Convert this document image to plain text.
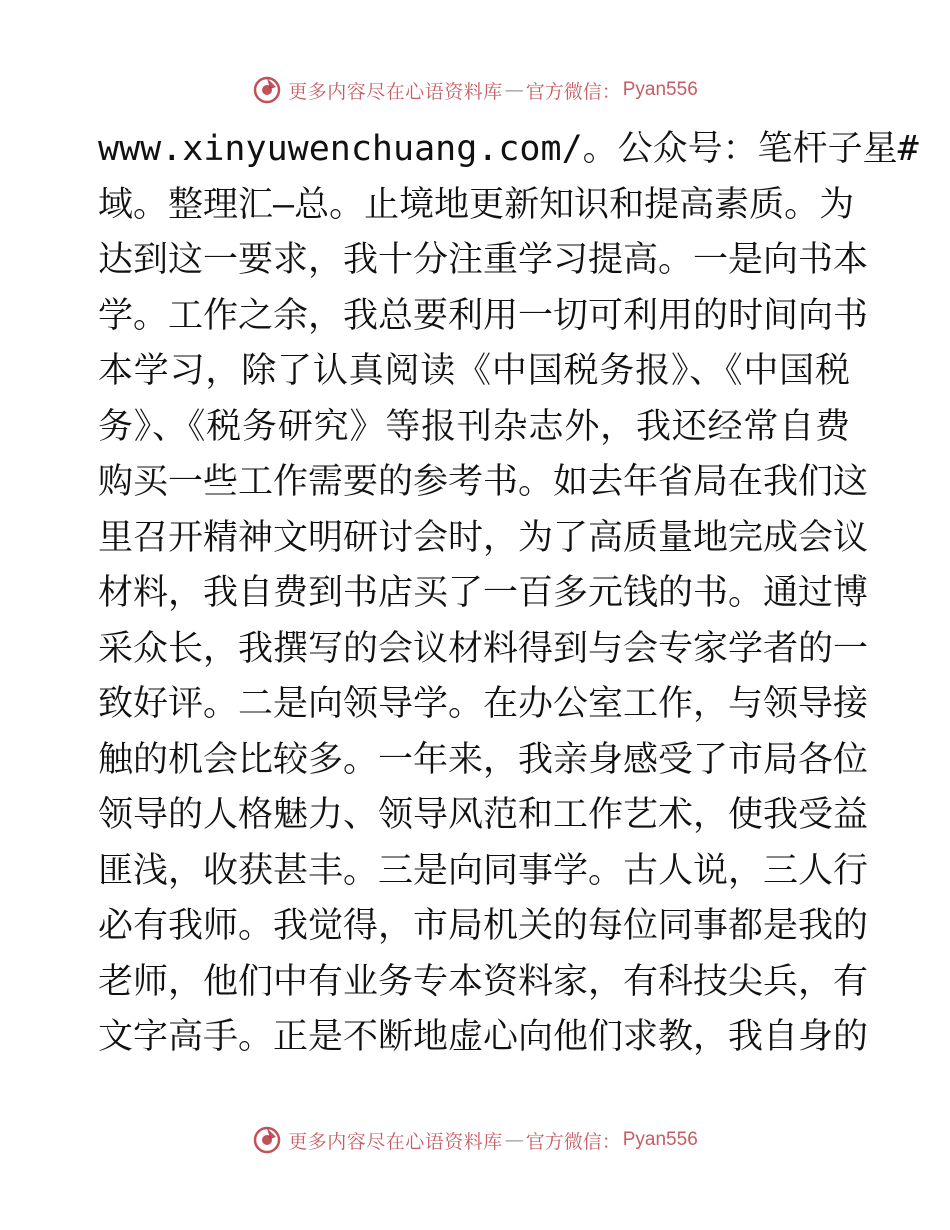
更多内容尽在心语资料库 — 官方微信： Pyan556
www.xinyuwenchuang.com/。公众号：笔杆子星#
域。整理汇—总。止境地更新知识和提高素质。为
达到这一要求，我十分注重学习提高。一是向书本
学。工作之余，我总要利用一切可利用的时间向书
本学习，除了认真阅读《中国税务报》、《中国税
务》、《税务研究》等报刊杂志外，我还经常自费
购买一些工作需要的参考书。如去年省局在我们这
里召开精神文明研讨会时，为了高质量地完成会议
材料，我自费到书店买了一百多元钱的书。通过博
采众长，我撰写的会议材料得到与会专家学者的一
致好评。二是向领导学。在办公室工作，与领导接
触的机会比较多。一年来，我亲身感受了市局各位
领导的人格魅力、领导风范和工作艺术，使我受益
匪浅，收获甚丰。三是向同事学。古人说，三人行
必有我师。我觉得，市局机关的每位同事都是我的
老师，他们中有业务专本资料家，有科技尖兵，有
文字高手。正是不断地虚心向他们求教，我自身的
更多内容尽在心语资料库 — 官方微信： Pyan556
